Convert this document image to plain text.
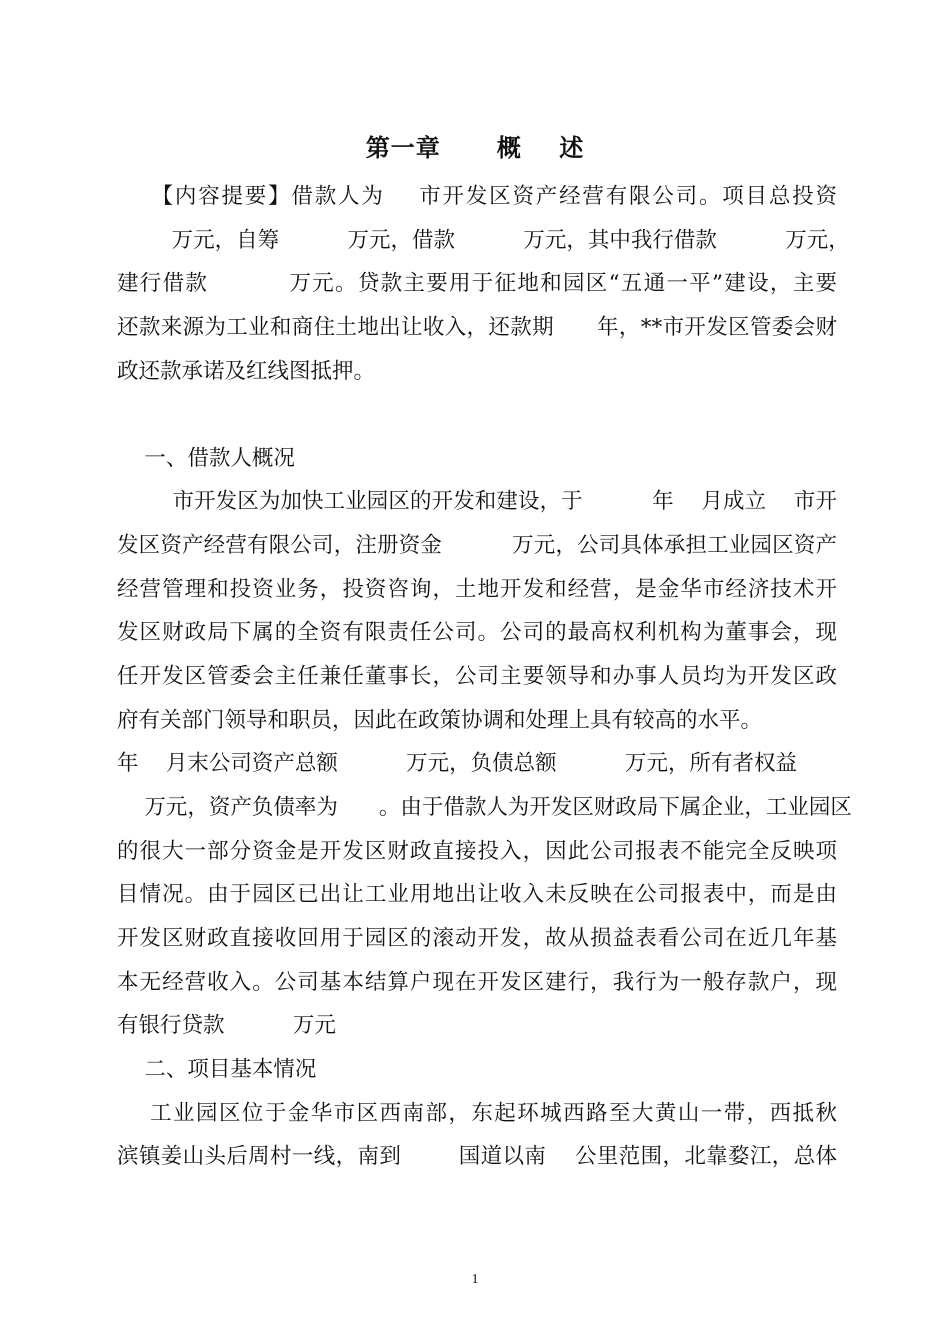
第一章      概    述
【内容提要】借款人为    市开发区资产经营有限公司。项目总投资
万元，自筹          万元，借款          万元，其中我行借款          万元，
建行借款          万元。贷款主要用于征地和园区“五通一平”建设，主要
还款来源为工业和商住土地出让收入，还款期      年，**市开发区管委会财
政还款承诺及红线图抵押。
一、借款人概况
市开发区为加快工业园区的开发和建设，于          年    月成立    市开
发区资产经营有限公司，注册资金          万元，公司具体承担工业园区资产
经营管理和投资业务，投资咨询，土地开发和经营，是金华市经济技术开
发区财政局下属的全资有限责任公司。公司的最高权利机构为董事会，现
任开发区管委会主任兼任董事长，公司主要领导和办事人员均为开发区政
府有关部门领导和职员，因此在政策协调和处理上具有较高的水平。
年    月末公司资产总额          万元，负债总额          万元，所有者权益
万元，资产负债率为      。由于借款人为开发区财政局下属企业，工业园区
的很大一部分资金是开发区财政直接投入，因此公司报表不能完全反映项
目情况。由于园区已出让工业用地出让收入未反映在公司报表中，而是由
开发区财政直接收回用于园区的滚动开发，故从损益表看公司在近几年基
本无经营收入。公司基本结算户现在开发区建行，我行为一般存款户，现
有银行贷款          万元
二、项目基本情况
工业园区位于金华市区西南部，东起环城西路至大黄山一带，西抵秋
滨镇姜山头后周村一线，南到        国道以南    公里范围，北靠婺江，总体
1
